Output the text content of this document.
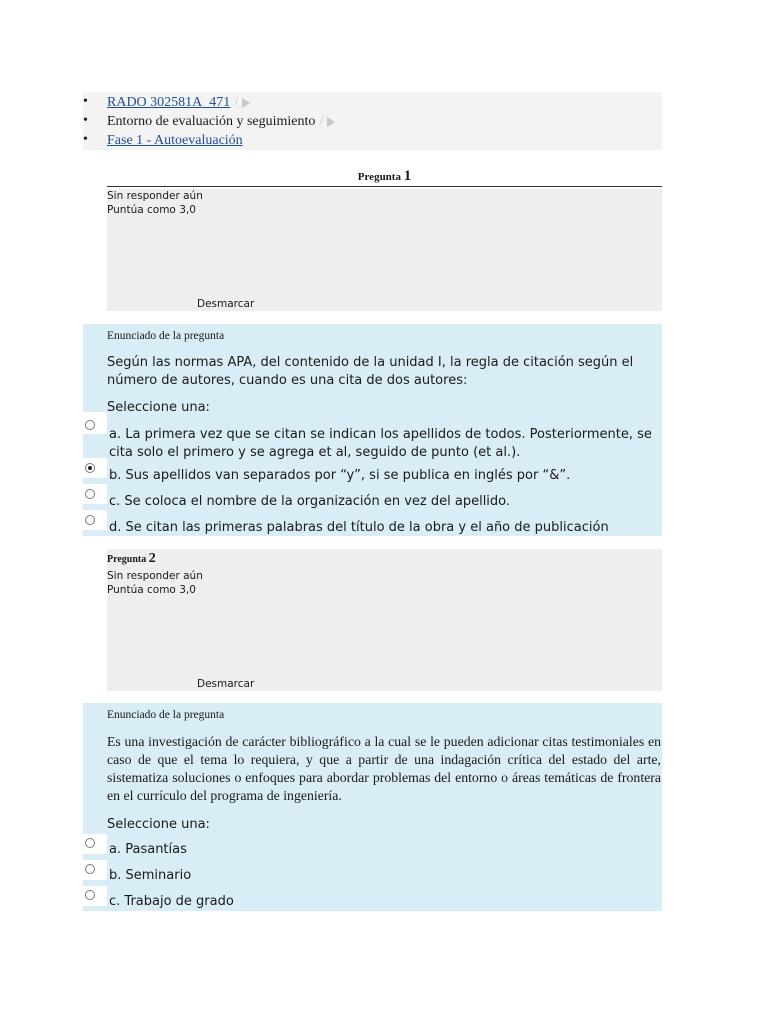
• RADO 302581A_471 /
• Entorno de evaluación y seguimiento /
• Fase 1 - Autoevaluación
Pregunta 1
Sin responder aún
Puntúa como 3,0
Desmarcar
Enunciado de la pregunta
Según las normas APA, del contenido de la unidad I, la regla de citación según el número de autores, cuando es una cita de dos autores:
Seleccione una:
a. La primera vez que se citan se indican los apellidos de todos. Posteriormente, se cita solo el primero y se agrega et al, seguido de punto (et al.).
b. Sus apellidos van separados por “y”, si se publica en inglés por “&”.
c. Se coloca el nombre de la organización en vez del apellido.
d. Se citan las primeras palabras del título de la obra y el año de publicación
Pregunta 2
Sin responder aún
Puntúa como 3,0
Desmarcar
Enunciado de la pregunta
Es una investigación de carácter bibliográfico a la cual se le pueden adicionar citas testimoniales en caso de que el tema lo requiera, y que a partir de una indagación crítica del estado del arte, sistematiza soluciones o enfoques para abordar problemas del entorno o áreas temáticas de frontera en el currículo del programa de ingeniería.
Seleccione una:
a. Pasantías
b. Seminario
c. Trabajo de grado
